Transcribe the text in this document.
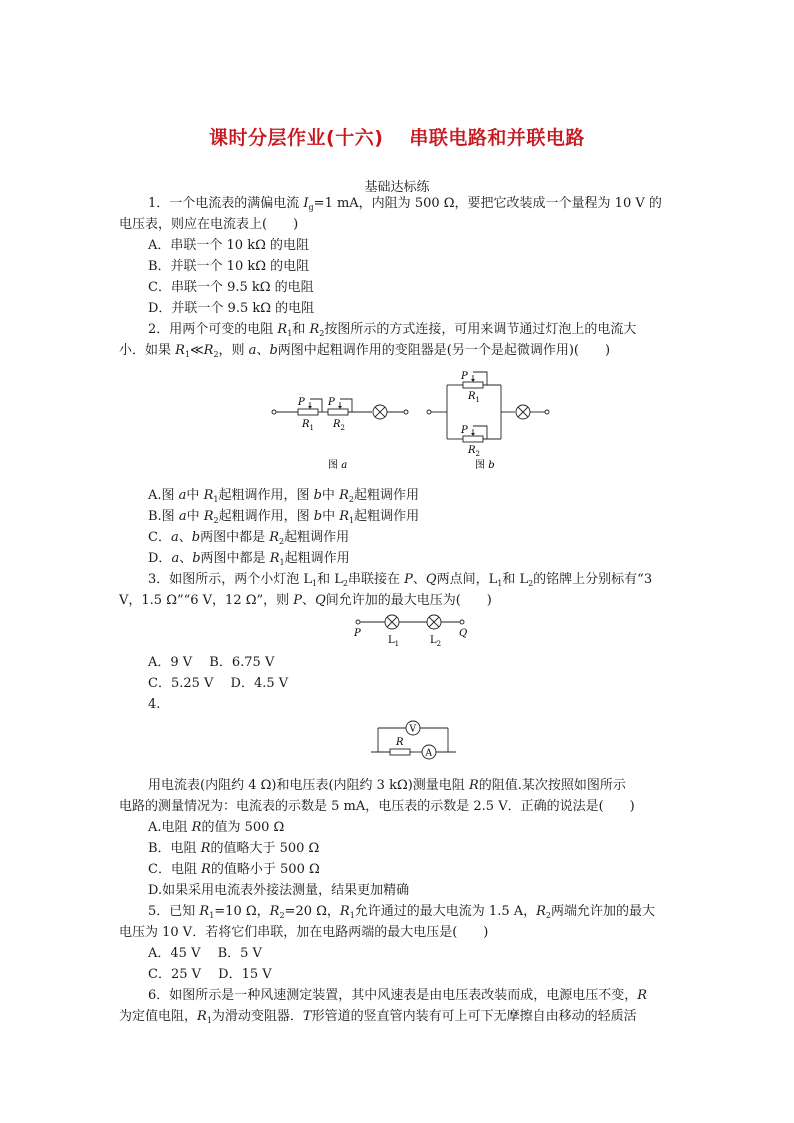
课时分层作业(十六) 串联电路和并联电路
基础达标练
1．一个电流表的满偏电流 $I_g=1$ mA，内阻为 500 Ω，要把它改装成一个量程为 10 V 的
电压表，则应在电流表上(　　)
A．串联一个 10 kΩ 的电阻
B．并联一个 10 kΩ 的电阻
C．串联一个 9.5 kΩ 的电阻
D．并联一个 9.5 kΩ 的电阻
2．用两个可变的电阻 $R_1$和 $R_2$按图所示的方式连接，可用来调节通过灯泡上的电流大
小．如果 $R_1≪R_2$，则 a、b两图中起粗调作用的变阻器是(另一个是起微调作用)(　　)
P P
$R_1$ $R_2$
图 a
P
P
$R_1$
$R_2$
图 b
A.图 a中 $R_1$起粗调作用，图 b中 $R_2$起粗调作用
B.图 a中 $R_2$起粗调作用，图 b中 $R_1$起粗调作用
C．a、b两图中都是 $R_2$起粗调作用
D．a、b两图中都是 $R_1$起粗调作用
3．如图所示，两个小灯泡 $L_1$和 $L_2$串联接在 P、Q两点间，$L_1$和 $L_2$的铭牌上分别标有“3
V，1.5 Ω”“6 V，12 Ω”，则 P、Q间允许加的最大电压为(　　)
P	Q
$L_1$	$L_2$
A．9 V　 B．6.75 V
C．5.25 V　 D．4.5 V
4.
V
A
R
用电流表(内阻约 4 Ω)和电压表(内阻约 3 kΩ)测量电阻 R的阻值.某次按照如图所示
电路的测量情况为：电流表的示数是 5 mA，电压表的示数是 2.5 V．正确的说法是(　　)
A.电阻 R的值为 500 Ω
B．电阻 R的值略大于 500 Ω
C．电阻 R的值略小于 500 Ω
D.如果采用电流表外接法测量，结果更加精确
5．已知 $R_1=10$ Ω，$R_2=20$ Ω，$R_1$允许通过的最大电流为 1.5 A，$R_2$两端允许加的最大
电压为 10 V．若将它们串联，加在电路两端的最大电压是(　　)
A．45 V　 B．5 V
C．25 V　 D．15 V
6．如图所示是一种风速测定装置，其中风速表是由电压表改装而成，电源电压不变，R
为定值电阻，$R_1$为滑动变阻器．T形管道的竖直管内装有可上可下无摩擦自由移动的轻质活
